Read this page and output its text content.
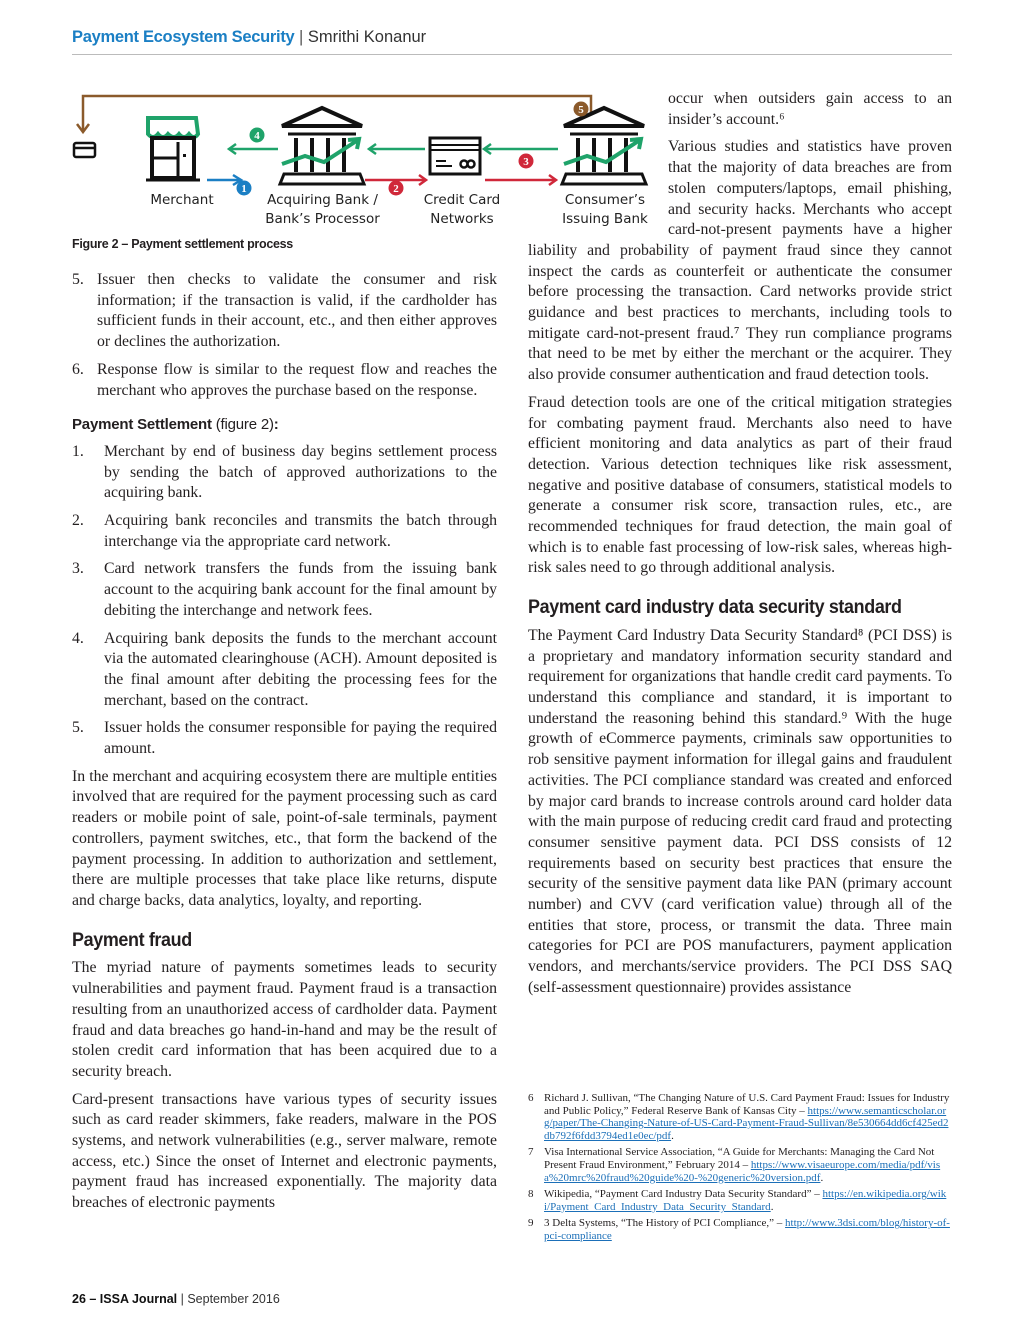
Payment Ecosystem Security | Smrithi Konanur
4
1	2
3
5
Merchant	Acquiring Bank /
Bank’s Processor
Credit Card
Networks
Consumer’s
Issuing Bank
Figure 2 – Payment settlement process
5. Issuer then checks to validate the consumer and risk information; if the transaction is valid, if the cardholder has sufficient funds in their account, etc., and then either approves or declines the authorization.
6. Response flow is similar to the request flow and reaches the merchant who approves the purchase based on the response.
Payment Settlement (figure 2):
1.	Merchant by end of business day begins settlement process by sending the batch of approved authorizations to the acquiring bank.
2.	Acquiring bank reconciles and transmits the batch through interchange via the appropriate card network.
3.	Card network transfers the funds from the issuing bank account to the acquiring bank account for the final amount by debiting the interchange and network fees.
4.	Acquiring bank deposits the funds to the merchant account via the automated clearinghouse (ACH). Amount deposited is the final amount after debiting the processing fees for the merchant, based on the contract.
5.	Issuer holds the consumer responsible for paying the required amount.

In the merchant and acquiring ecosystem there are multiple entities involved that are required for the payment processing such as card readers or mobile point of sale, point-of-sale terminals, payment controllers, payment switches, etc., that form the backend of the payment processing. In addition to authorization and settlement, there are multiple processes that take place like returns, dispute and charge backs, data analytics, loyalty, and reporting.

Payment fraud

The myriad nature of payments sometimes leads to security vulnerabilities and payment fraud. Payment fraud is a transaction resulting from an unauthorized access of cardholder data. Payment fraud and data breaches go hand-in-hand and may be the result of stolen credit card information that has been acquired due to a security breach.

Card-present transactions have various types of security issues such as card reader skimmers, fake readers, malware in the POS systems, and network vulnerabilities (e.g., server malware, remote access, etc.) Since the onset of Internet and electronic payments, payment fraud has increased exponentially. The majority data breaches of electronic payments

occur when outsiders gain access to an insider’s account.⁶

Various studies and statistics have proven that the majority of data breaches are from stolen computers/laptops, email phishing, and security hacks. Merchants who accept card-not-present payments have a higher liability and probability of payment fraud since they cannot inspect the cards as counterfeit or authenticate the consumer before processing the transaction. Card networks provide strict guidance and best practices to merchants, including tools to mitigate card-not-present fraud.⁷ They run compliance programs that need to be met by either the merchant or the acquirer. They also provide consumer authentication and fraud detection tools.

Fraud detection tools are one of the critical mitigation strategies for combating payment fraud. Merchants also need to have efficient monitoring and data analytics as part of their fraud detection. Various detection techniques like risk assessment, negative and positive database of consumers, statistical models to generate a consumer risk score, transaction rules, etc., are recommended techniques for fraud detection, the main goal of which is to enable fast processing of low-risk sales, whereas high-risk sales need to go through additional analysis.

Payment card industry data security standard

The Payment Card Industry Data Security Standard⁸ (PCI DSS) is a proprietary and mandatory information security standard and requirement for organizations that handle credit card payments. To understand this compliance and standard, it is important to understand the reasoning behind this standard.⁹ With the huge growth of eCommerce payments, criminals saw opportunities to rob sensitive payment information for illegal gains and fraudulent activities. The PCI compliance standard was created and enforced by major card brands to increase controls around card holder data with the main purpose of reducing credit card fraud and protecting consumer sensitive payment data. PCI DSS consists of 12 requirements based on security best practices that ensure the security of the sensitive payment data like PAN (primary account number) and CVV (card verification value) through all of the entities that store, process, or transmit the data. Three main categories for PCI are POS manufacturers, payment application vendors, and merchants/service providers. The PCI DSS SAQ (self-assessment questionnaire) provides assistance

6 Richard J. Sullivan, “The Changing Nature of U.S. Card Payment Fraud: Issues for Industry and Public Policy,” Federal Reserve Bank of Kansas City – https://www.semanticscholar.org/paper/The-Changing-Nature-of-US-Card-Payment-Fraud-Sullivan/8e530664dd6cf425ed2db792f6fdd3794ed1e0ec/pdf.
7 Visa International Service Association, “A Guide for Merchants: Managing the Card Not Present Fraud Environment,” February 2014 – https://www.visaeurope.com/media/pdf/visa%20mrc%20fraud%20guide%20-%20generic%20version.pdf.
8 Wikipedia, “Payment Card Industry Data Security Standard” – https://en.wikipedia.org/wiki/Payment_Card_Industry_Data_Security_Standard.
9 3 Delta Systems, “The History of PCI Compliance,” – http://www.3dsi.com/blog/history-of-pci-compliance
26 – ISSA Journal | September 2016
